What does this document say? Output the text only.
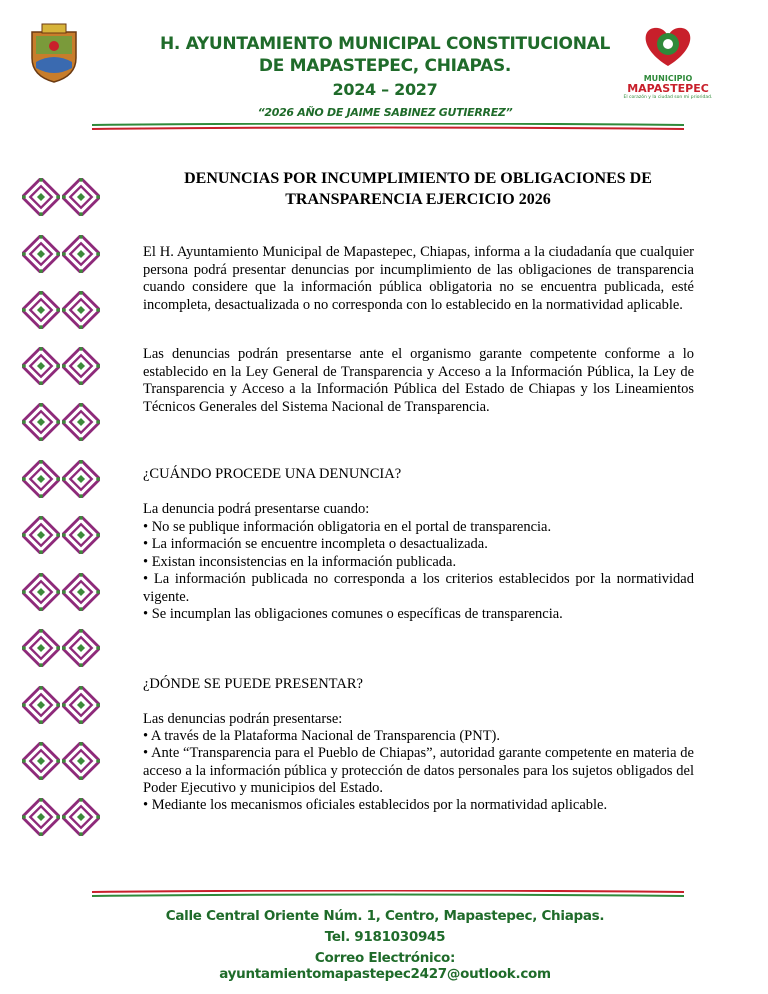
MUNICIPIO
MAPASTEPEC
El corazón y la ciudad son mi prioridad.
H. AYUNTAMIENTO MUNICIPAL CONSTITUCIONAL
DE MAPASTEPEC, CHIAPAS.
2024 – 2027
“2026 AÑO DE JAIME SABINEZ GUTIERREZ”
DENUNCIAS POR INCUMPLIMIENTO DE OBLIGACIONES DE
TRANSPARENCIA EJERCICIO 2026
El H. Ayuntamiento Municipal de Mapastepec, Chiapas, informa a la ciudadanía que cualquier persona podrá presentar denuncias por incumplimiento de las obligaciones de transparencia cuando considere que la información pública obligatoria no se encuentra publicada, esté incompleta, desactualizada o no corresponda con lo establecido en la normatividad aplicable.
Las denuncias podrán presentarse ante el organismo garante competente conforme a lo establecido en la Ley General de Transparencia y Acceso a la Información Pública, la Ley de Transparencia y Acceso a la Información Pública del Estado de Chiapas y los Lineamientos Técnicos Generales del Sistema Nacional de Transparencia.
¿CUÁNDO PROCEDE UNA DENUNCIA?
La denuncia podrá presentarse cuando:
• No se publique información obligatoria en el portal de transparencia.
• La información se encuentre incompleta o desactualizada.
• Existan inconsistencias en la información publicada.
• La información publicada no corresponda a los criterios establecidos por la normatividad vigente.
• Se incumplan las obligaciones comunes o específicas de transparencia.
¿DÓNDE SE PUEDE PRESENTAR?
Las denuncias podrán presentarse:
• A través de la Plataforma Nacional de Transparencia (PNT).
• Ante “Transparencia para el Pueblo de Chiapas”, autoridad garante competente en materia de acceso a la información pública y protección de datos personales para los sujetos obligados del Poder Ejecutivo y municipios del Estado.
• Mediante los mecanismos oficiales establecidos por la normatividad aplicable.
Calle Central Oriente Núm. 1, Centro, Mapastepec, Chiapas.
Tel. 9181030945
Correo Electrónico: ayuntamientomapastepec2427@outlook.com
